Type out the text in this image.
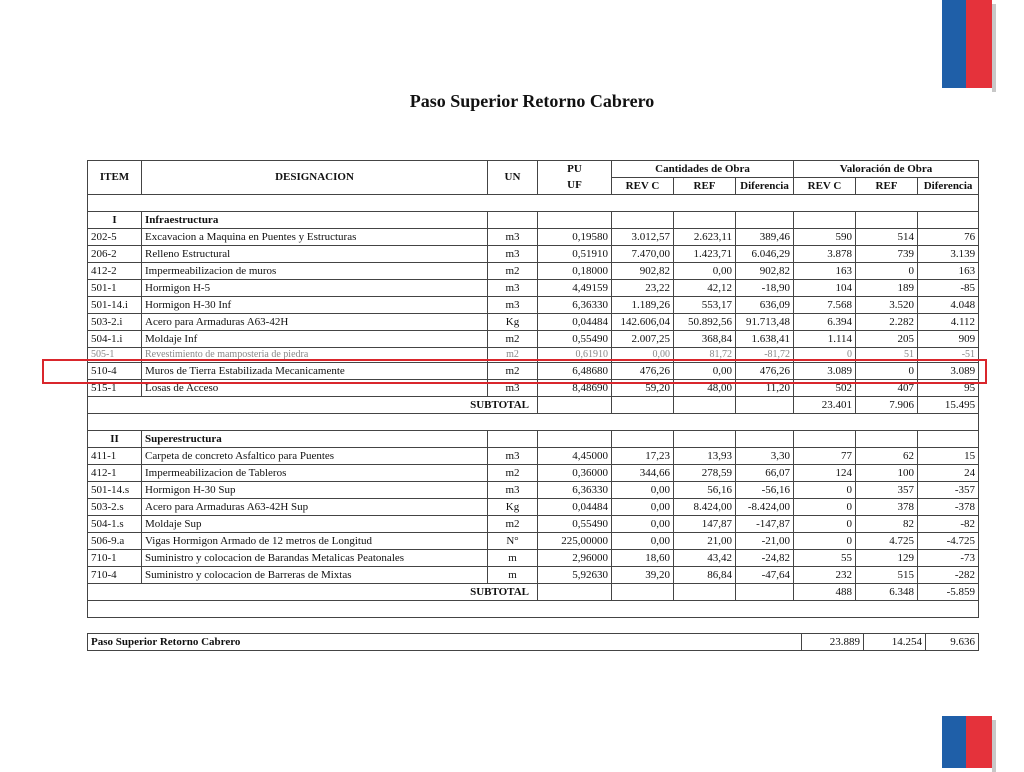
Paso Superior Retorno Cabrero
ITEM	DESIGNACION	UN	PU	Cantidades de Obra			Valoración de Obra		
			UF	REV C	REF	Diferencia	REV C	REF	Diferencia

I	Infraestructura								
202-5	Excavacion a Maquina en Puentes y Estructuras	m3	0,19580	3.012,57	2.623,11	389,46	590	514	76
206-2	Relleno Estructural	m3	0,51910	7.470,00	1.423,71	6.046,29	3.878	739	3.139
412-2	Impermeabilizacion de muros	m2	0,18000	902,82	0,00	902,82	163	0	163
501-1	Hormigon H-5	m3	4,49159	23,22	42,12	-18,90	104	189	-85
501-14.i	Hormigon H-30 Inf	m3	6,36330	1.189,26	553,17	636,09	7.568	3.520	4.048
503-2.i	Acero para Armaduras A63-42H	Kg	0,04484	142.606,04	50.892,56	91.713,48	6.394	2.282	4.112
504-1.i	Moldaje Inf	m2	0,55490	2.007,25	368,84	1.638,41	1.114	205	909
505-1	Revestimiento de mamposteria de piedra	m2	0,61910	0,00	81,72	-81,72	0	51	-51
510-4	Muros de Tierra Estabilizada Mecanicamente	m2	6,48680	476,26	0,00	476,26	3.089	0	3.089
515-1	Losas de Acceso	m3	8,48690	59,20	48,00	11,20	502	407	95
SUBTOTAL							23.401	7.906	15.495

II	Superestructura								
411-1	Carpeta de concreto Asfaltico para Puentes	m3	4,45000	17,23	13,93	3,30	77	62	15
412-1	Impermeabilizacion de Tableros	m2	0,36000	344,66	278,59	66,07	124	100	24
501-14.s	Hormigon H-30 Sup	m3	6,36330	0,00	56,16	-56,16	0	357	-357
503-2.s	Acero para Armaduras A63-42H Sup	Kg	0,04484	0,00	8.424,00	-8.424,00	0	378	-378
504-1.s	Moldaje Sup	m2	0,55490	0,00	147,87	-147,87	0	82	-82
506-9.a	Vigas Hormigon Armado de 12 metros de Longitud	N°	225,00000	0,00	21,00	-21,00	0	4.725	-4.725
710-1	Suministro y colocacion de Barandas Metalicas Peatonales	m	2,96000	18,60	43,42	-24,82	55	129	-73
710-4	Suministro y colocacion de Barreras de Mixtas	m	5,92630	39,20	86,84	-47,64	232	515	-282
SUBTOTAL							488	6.348	-5.859

Paso Superior Retorno Cabrero	23.889	14.254	9.636
